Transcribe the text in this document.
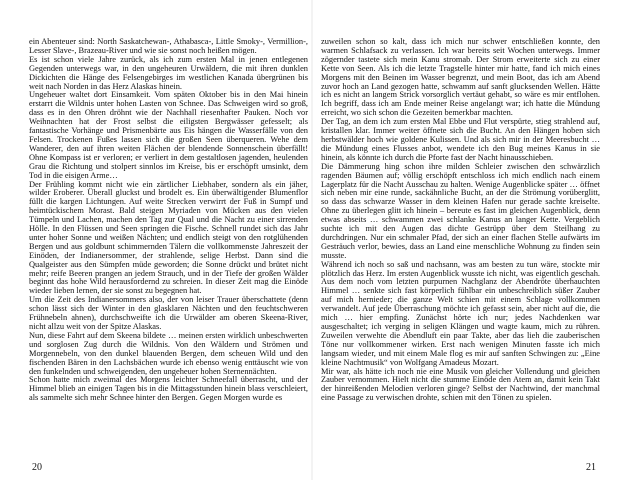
ein Abenteuer sind: North Saskatchewan-, Athabasca-, Little Smoky-, Vermillion-, Lesser Slave-, Brazeau-River und wie sie sonst noch heißen mögen.

Es ist schon viele Jahre zurück, als ich zum ersten Mal in jenen entlegenen Gegenden unterwegs war, in den ungeheuren Urwäldern, die mit ihren dunklen Dickichten die Hänge des Felsengebirges im westlichen Kanada übergrünen bis weit nach Norden in das Herz Alaskas hinein.

Ungeheuer waltet dort Einsamkeit. Vom späten Oktober bis in den Mai hinein erstarrt die Wildnis unter hohen Lasten von Schnee. Das Schweigen wird so groß, dass es in den Ohren dröhnt wie der Nachhall riesenhafter Pauken. Noch vor Weihnachten hat der Frost selbst die eiligsten Bergwässer gefesselt; als fantastische Vorhänge und Prismenbärte aus Eis hängen die Wasserfälle von den Felsen. Trockenen Fußes lassen sich die großen Seen überqueren. Wehe dem Wanderer, den auf ihren weiten Flächen der blendende Sonnenschein überfällt! Ohne Kompass ist er verloren; er verliert in dem gestaltlosen jagenden, heulenden Grau die Richtung und stolpert sinnlos im Kreise, bis er erschöpft umsinkt, dem Tod in die eisigen Arme…

Der Frühling kommt nicht wie ein zärtlicher Liebhaber, sondern als ein jäher, wilder Eroberer. Überall gluckst und brodelt es. Ein überwältigender Blumenflor füllt die kargen Lichtungen. Auf weite Strecken verwirrt der Fuß in Sumpf und heimtückischem Morast. Bald steigen Myriaden von Mücken aus den vielen Tümpeln und Lachen, machen den Tag zur Qual und die Nacht zu einer sirrenden Hölle. In den Flüssen und Seen springen die Fische. Schnell rundet sich das Jahr unter hoher Sonne und weißen Nächten; und endlich steigt von den rotglühenden Bergen und aus goldbunt schimmernden Tälern die vollkommenste Jahreszeit der Einöden, der Indianersommer, der strahlende, selige Herbst. Dann sind die Qualgeister aus den Sümpfen müde geworden; die Sonne drückt und brütet nicht mehr; reife Beeren prangen an jedem Strauch, und in der Tiefe der großen Wälder beginnt das hohe Wild herausfordernd zu schreien. In dieser Zeit mag die Einöde wieder lieben lernen, der sie sonst zu begegnen hat.

Um die Zeit des Indianersommers also, der von leiser Trauer überschattete (denn schon lässt sich der Winter in den glasklaren Nächten und den feuchtschweren Frühnebeln ahnen), durchschweifte ich die Urwälder am oberen Skeena-River, nicht allzu weit von der Spitze Alaskas.

Nun, diese Fahrt auf dem Skeena bildete … meinen ersten wirklich unbeschwerten und sorglosen Zug durch die Wildnis. Von den Wäldern und Strömen und Morgennebeln, von den dunkel blauenden Bergen, dem scheuen Wild und den fischenden Bären in den Lachsbächen wurde ich ebenso wenig enttäuscht wie von den funkelnden und schweigenden, den ungeheuer hohen Sternennächten.

Schon hatte mich zweimal des Morgens leichter Schneefall überrascht, und der Himmel blieb an einigen Tagen bis in die Mittagsstunden hinein blass verschleiert, als sammelte sich mehr Schnee hinter den Bergen. Gegen Morgen wurde es

20

zuweilen schon so kalt, dass ich mich nur schwer entschließen konnte, den warmen Schlafsack zu verlassen. Ich war bereits seit Wochen unterwegs. Immer zögernder tastete sich mein Kanu stromab. Der Strom erweiterte sich zu einer Kette von Seen. Als ich die letzte Tragstelle hinter mir hatte, fand ich mich eines Morgens mit den Beinen im Wasser begrenzt, und mein Boot, das ich am Abend zuvor hoch an Land gezogen hatte, schwamm auf sanft glucksenden Wellen. Hätte ich es nicht an langem Strick vorsorglich vertäut gehabt, so wäre es mir entflohen. Ich begriff, dass ich am Ende meiner Reise angelangt war; ich hatte die Mündung erreicht, wo sich schon die Gezeiten bemerkbar machten.

Der Tag, an dem ich zum ersten Mal Ebbe und Flut verspürte, stieg strahlend auf, kristallen klar. Immer weiter öffnete sich die Bucht. An den Hängen hoben sich herbstwälder hoch wie goldene Kulissen. Und als sich mir in der Meeresbucht … die Mündung eines Flusses anbot, wendete ich den Bug meines Kanus in sie hinein, als könnte ich durch die Pforte fast der Nacht hinausschieben.

Die Dämmerung hing schon ihre milden Schleier zwischen den schwärzlich ragenden Bäumen auf; völlig erschöpft entschloss ich mich endlich nach einem Lagerplatz für die Nacht Ausschau zu halten. Wenige Augenblicke später … öffnet sich neben mir eine runde, sackähnliche Bucht, an der die Strömung vorüberglitt, so dass das schwarze Wasser in dem kleinen Hafen nur gerade sachte kreiselte. Ohne zu überlegen glitt ich hinein – bereute es fast im gleichen Augenblick, denn etwas abseits … schwammen zwei schlanke Kanus an langer Kette. Vergeblich suchte ich mit den Augen das dichte Gestrüpp über dem Steilhang zu durchdringen. Nur ein schmaler Pfad, der sich an einer flachen Stelle aufwärts im Gesträuch verlor, bewies, dass an Land eine menschliche Wohnung zu finden sein musste.

Während ich noch so saß und nachsann, was am besten zu tun wäre, stockte mir plötzlich das Herz. Im ersten Augenblick wusste ich nicht, was eigentlich geschah. Aus dem noch vom letzten purpurnen Nachglanz der Abendröte überhauchten Himmel … senkte sich fast körperlich fühlbar ein unbeschreiblich süßer Zauber auf mich hernieder; die ganze Welt schien mit einem Schlage vollkommen verwandelt. Auf jede Überraschung möchte ich gefasst sein, aber nicht auf die, die mich … hier empfing. Zunächst hörte ich nur; jedes Nachdenken war ausgeschaltet; ich verging in seligen Klängen und wagte kaum, mich zu rühren. Zuweilen verwehte die Abendluft ein paar Takte, aber das lieh die zauberischen Töne nur vollkommener wirken. Erst nach wenigen Minuten fasste ich mich langsam wieder, und mit einem Male flog es mir auf sanften Schwingen zu: „Eine kleine Nachtmusik“ von Wolfgang Amadeus Mozart.

Mir war, als hätte ich noch nie eine Musik von gleicher Vollendung und gleichen Zauber vernommen. Hielt nicht die stumme Einöde den Atem an, damit kein Takt der hinreißenden Melodien verloren ginge? Selbst der Nachtwind, der manchmal eine Passage zu verwischen drohte, schien mit den Tönen zu spielen.

21
